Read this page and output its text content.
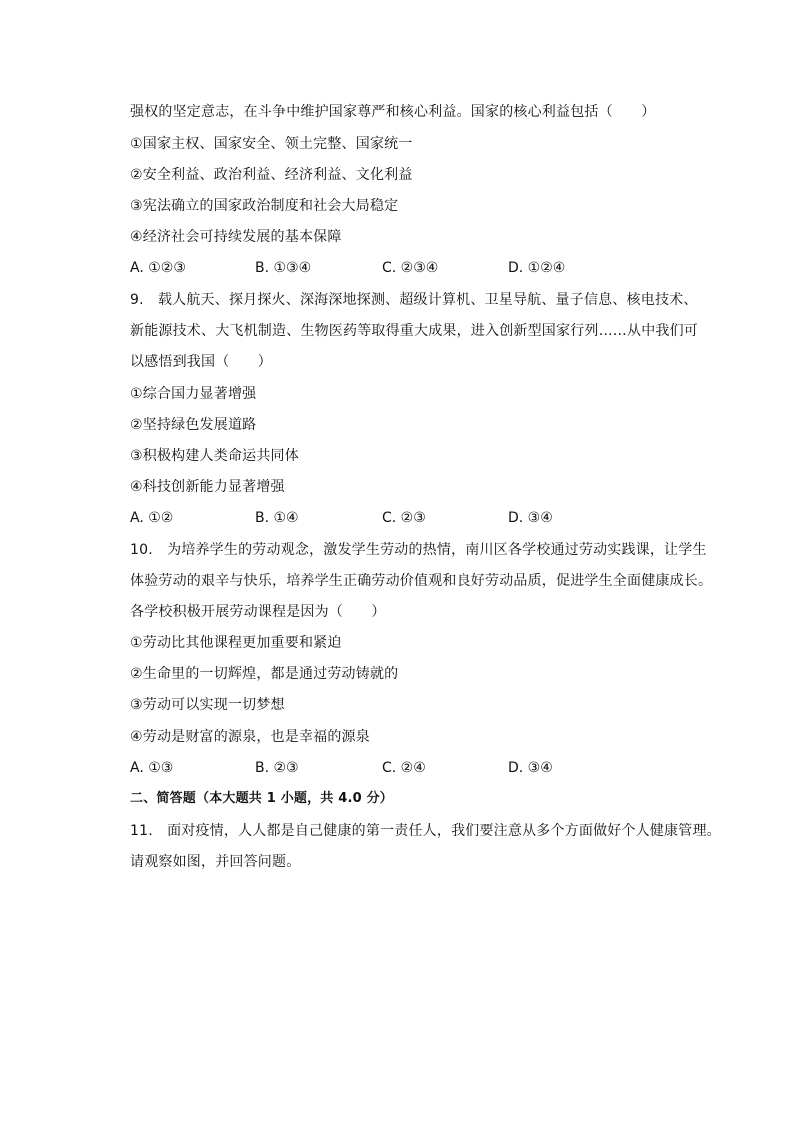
强权的坚定意志，在斗争中维护国家尊严和核心利益。国家的核心利益包括（　　）
①国家主权、国家安全、领土完整、国家统一
②安全利益、政治利益、经济利益、文化利益
③宪法确立的国家政治制度和社会大局稳定
④经济社会可持续发展的基本保障
A. ①②③	B. ①③④	C. ②③④	D. ①②④
9.　载人航天、探月探火、深海深地探测、超级计算机、卫星导航、量子信息、核电技术、
新能源技术、大飞机制造、生物医药等取得重大成果，进入创新型国家行列……从中我们可
以感悟到我国（　　）
①综合国力显著增强
②坚持绿色发展道路
③积极构建人类命运共同体
④科技创新能力显著增强
A. ①②	B. ①④	C. ②③	D. ③④
10.　为培养学生的劳动观念，激发学生劳动的热情，南川区各学校通过劳动实践课，让学生
体验劳动的艰辛与快乐，培养学生正确劳动价值观和良好劳动品质，促进学生全面健康成长。
各学校积极开展劳动课程是因为（　　）
①劳动比其他课程更加重要和紧迫
②生命里的一切辉煌，都是通过劳动铸就的
③劳动可以实现一切梦想
④劳动是财富的源泉，也是幸福的源泉
A. ①③	B. ②③	C. ②④	D. ③④
二、简答题（本大题共 1 小题，共 4.0 分）
11.　面对疫情，人人都是自己健康的第一责任人，我们要注意从多个方面做好个人健康管理。
请观察如图，并回答问题。
